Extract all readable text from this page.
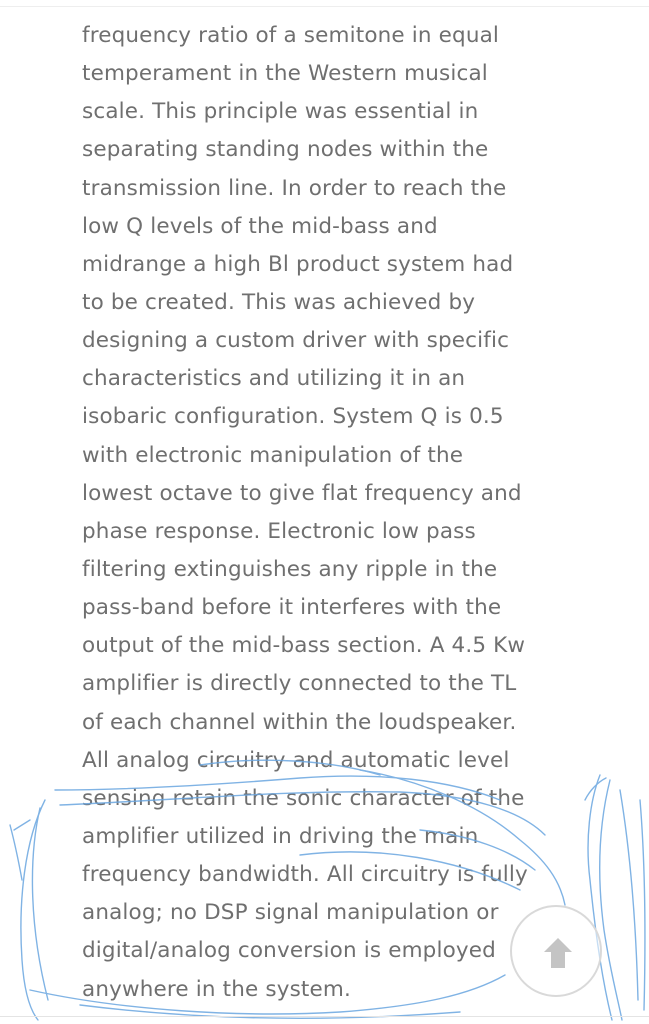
frequency ratio of a semitone in equal
temperament in the Western musical
scale. This principle was essential in
separating standing nodes within the
transmission line. In order to reach the
low Q levels of the mid-bass and
midrange a high Bl product system had
to be created. This was achieved by
designing a custom driver with specific
characteristics and utilizing it in an
isobaric configuration. System Q is 0.5
with electronic manipulation of the
lowest octave to give flat frequency and
phase response. Electronic low pass
filtering extinguishes any ripple in the
pass-band before it interferes with the
output of the mid-bass section. A 4.5 Kw
amplifier is directly connected to the TL
of each channel within the loudspeaker.
All analog circuitry and automatic level
sensing retain the sonic character of the
amplifier utilized in driving the main
frequency bandwidth. All circuitry is fully
analog; no DSP signal manipulation or
digital/analog conversion is employed
anywhere in the system.
